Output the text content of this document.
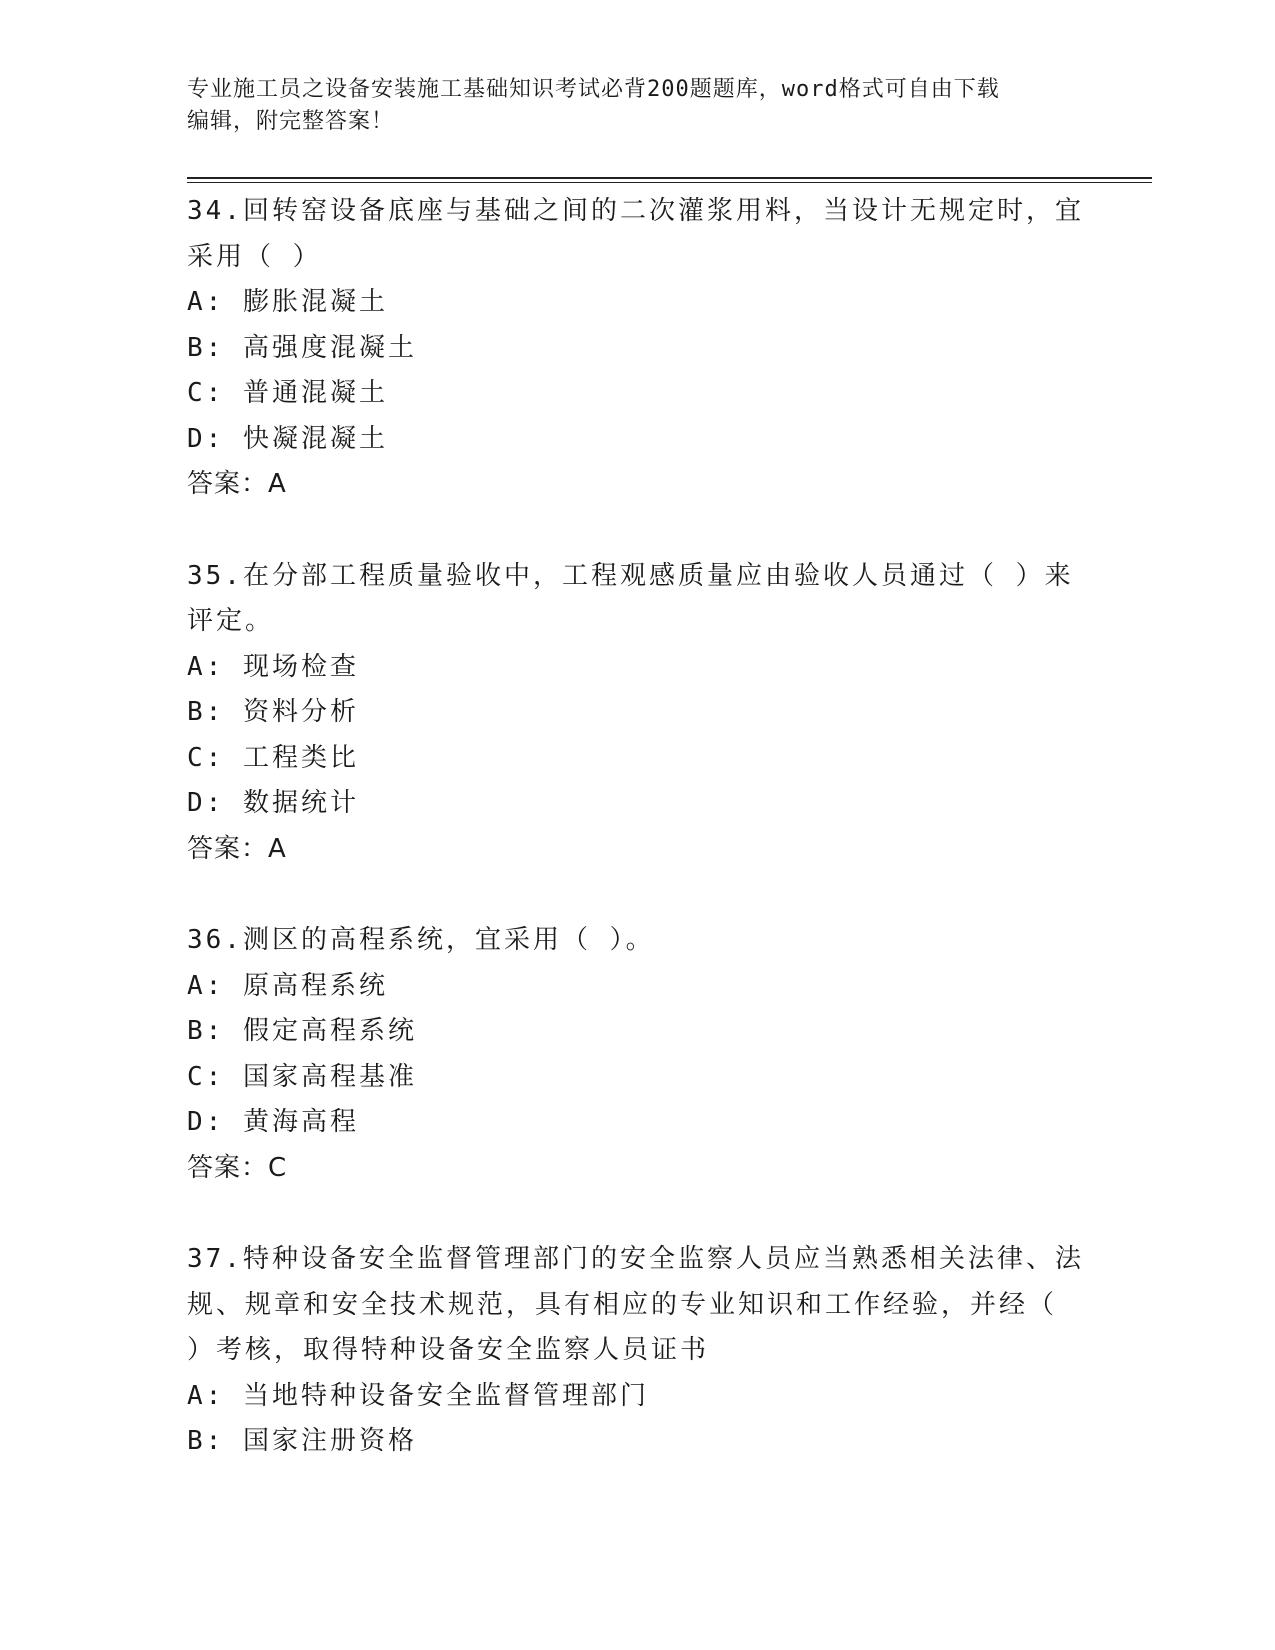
专业施工员之设备安装施工基础知识考试必背200题题库，word格式可自由下载
编辑，附完整答案！
34.回转窑设备底座与基础之间的二次灌浆用料，当设计无规定时，宜
采用（ ）
A: 膨胀混凝土
B: 高强度混凝土
C: 普通混凝土
D: 快凝混凝土
答案：A
35.在分部工程质量验收中，工程观感质量应由验收人员通过（ ）来
评定。
A: 现场检查
B: 资料分析
C: 工程类比
D: 数据统计
答案：A
36.测区的高程系统，宜采用（ ）。
A: 原高程系统
B: 假定高程系统
C: 国家高程基准
D: 黄海高程
答案：C
37.特种设备安全监督管理部门的安全监察人员应当熟悉相关法律、法
规、规章和安全技术规范，具有相应的专业知识和工作经验，并经（
）考核，取得特种设备安全监察人员证书
A: 当地特种设备安全监督管理部门
B: 国家注册资格
